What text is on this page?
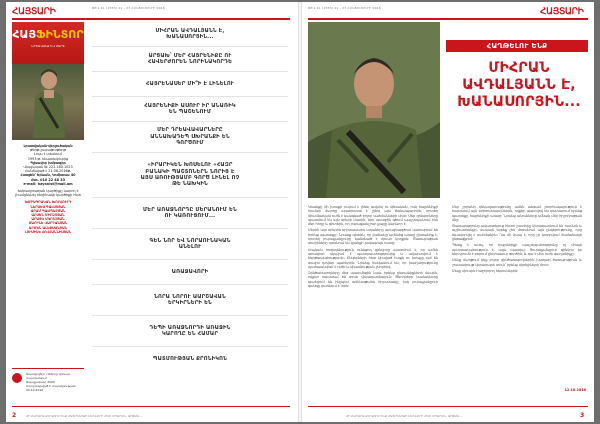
ՀԱՅՏԱՐԻ	ԹԻՎ 41 (1553) 21 - 27 ՀՈԿՏԵՄԲԵՐԻ 2016
ՀԱՅՖԻՆՏՈՐ
ԱՐՇԱՎԱՆՔ ԵՎ ՄԱՐՏ
Լրատվական-վերլուծական
թերթ-շաբաթաթերթ
Լույս է տեսնում
1993 թ. սեպտեմբերից
Գլխավոր խմբագիր
Վկայական № 222.180.1023
Հանձնված է 21.06.2016թ.
Հասցեն՝ Երևան, Կոմիտաս 40
Հեռ. 010 22 48 33
e-mail: hayanist@mail.am
Խմբագրության կարծիքը կարող է չհամընկնել հեղինակի կարծիքի հետ
ԽՄԲԱԳՐԱԿԱՆ ԽՈՐՀՈՒՐԴ
ՆԵՐՍԵՍ ԳԱԼՍՏՅԱՆ
ԱՐԱՄ ԳԱՍՊԱՐՅԱՆ
ԱՐՍԵՆ ՄԻՐԶՈՅԱՆ
ԱՐԱՅԿ ՄԿՐՏՉՅԱՆ
ՄԱՐԻՆԵ ՎԱՐԴԱՆՅԱՆ
ԱՐՄԵՆ ԱԼԵՔՍԱՆՅԱՆ
ԼՈՒՍԻՆԵ ՀՈՎՀԱՆՆԻՍՅԱՆ
Տպագրվել է «Ամրոց գրուպ» տպարանում
Տպաքանակ՝ 3000
Ստորագրված է տպագրության 20.10.2016
ՄԻՀՐԱՆ ԱՎԴԱԼՅԱՆՆ Է, ԽԱՆԱՍՈՐՅԻՆ...
ԱՐՑԱԽ՝ ՄԵՐ ՀԱՅՐԵՆԻՔԸ ՈՒ ՀԱՎԵՐԺՈՐԵՆ ՆՈՐԻՆԱԿՈՐԴԵ
ՀԱՅՐԵՆԱՍԵՐ ՄԻ՞Ի Է ԼԻՆԵԼՈՒ
ՀԱՅՐԵՆԻՔԻ ԱՍՈՒՐ ԻՐ ԱՆԱՌԻԿ ԵՆ ՊԱՇԵՆՈՒՄ
ՄԵՐ ԴՐԵԱՎԱՎԱՐՆԵՐԸ ԱՆՆԱԽԱԴԵՊ ՍԽՐԱՆՔԻ ԵՆ ԳՈՐԾՈՒՄ
«ԻՐԱՐԻԿԵՆ ԽՈՍԵԼՈՒ «ՀԱԶՐ ԲԱՆԱԿԻ ՊԱՇՏՈՆԵՐՆ ՆՈՐԻՑ Է ԱՅՍ ԱՌՈՒԹՅԱՄԲ ԳՈՐԾ ԼԻՆԵԼ ՈՉ ԹԵ ՆԱԽԿԻՆ
ՄԵՐ ԱՌԱՋՆՈՐԴԸ ՄԵՐԱՆՈՒՄ ԵՆ ՈՒ ԿԱՌՈՒՑՈՒՄ...
ԳԵՆ ՆՈՐ ԵՎ ՆՈՐԱՈՒՆԱԿԱՆ ԱՆԵԼՈՒ
ԱՌԱՋԱՎՈՐԻ
ՆՈՐԱ ՆՈՐՈՒ ԱԱՐՇԱՎԱՆ ԵՐԿԻՐՆԵՐԻ ԵՆ
ԴԵՊԻ ԱՌԱՋՆՈՐԴԻ ԱՌԱՋԻՆ ԿԱՐՈՂԸ ԵՆ ՀԱՄԱՐ
ՊԱՏՄՈՒԹՅԱՆ ՔՐՈՆԻԿՈՆ
2	ՀԻ ԲԱՐՁՐԱՎՈՐՎՈՒՄ ԵՆՔ ՀԱՅՐԵՆԻՔԻ ԼԵՌՆԵՐԻ ՀԵՏ՝ ԱՊԱՐԱՆ, ԱՐՑԱԽ ...
ԹԻՎ 41 (1553) 21 - 27 ՀՈԿՏԵՄԲԵՐԻ 2016	ՀԱՅՏԱՐԻ
ՀԱՂԹԵԼՈՒ ԵՆՔ
ՄԻՀՐԱՆ ԱՎԴԱԼՅԱՆՆ Է, ԽԱՆԱՍՈՐՅԻՆ...

Կեանքը մի խոսքի ուզում է լինել ազնիվ ու վճռական, իսկ հայրենիքի համար մարդը պատրաստ է լինել այն ճանապարհին, որտեղ միասնական ուժն է կանգնած բոլոր սահմանների մոտ։ Մեր զինվորները պատմում են այն օրերի մասին, երբ առաջին գծում պաշտպանում էին մեր հողը և գիտեին, որ յուրաքանչյուր քայլը կարևոր է։

Մերոն այս օրերին երիտասարդ տղաները առաջնագծում կատարում են իրենց պարտքը։ Նրանք գիտեն, որ բանակը ամենից առաջ ընտանիք է, որտեղ յուրաքանչյուրը կանգնած է մյուսի կողքին։ Ծառայության տարիները դառնում են կյանքի լավագույն դասը։

Սույնան հոգեղենություն ունեցող զինվորը պատմում է, որ ամեն առավոտ սկսվում է պատրաստությունից և ավարտվում է հերթապահությամբ։ Ընկերների հետ կիսված հացն ու խոսքը ուժ են տալիս դժվար պահերին։ Նրանք հավատում են, որ խաղաղությունը պահպանվում է ուժի և միասնության շնորհիվ։

Զինծառայողները մեզ պատմեցին նաև իրենց ընտանիքների մասին, ովքեր սպասում են տուն վերադառնալուն։ Ծնողների նամակները պահվում են ինչպես ամենաթանկ հիշատակը, իսկ յուրաքանչյուր զանգը դառնում է տոն։

Մեր շրջանի ղեկավարությունը ամեն անգամ շնորհակալություն է հայտնում այն երիտասարդներին, ովքեր պատվով են կատարում իրենց պարտքը հայրենիքի առաջ։ Նրանց անունները կմնան մեր հիշողության մեջ։

Ծառայությունը ավարտելուց հետո շատերը վերադառնում են ուսման և աշխատանքի, սակայն երբեք չեն մոռանում այն ընկերությունը, որը ձևավորվել է սահմանին։ Դա մի կապ է, որը չի կոտրվում ժամանակի ընթացքում։

Պետք է ասել, որ հայրենիքի պաշտպանությունը ոչ միայն պարտականություն է, այլև պատիվ։ Յուրաքանչյուր զինվոր իր ներդրումն է բերում ընդհանուր գործին, և դա է մեր ուժի գաղտնիքը։

Մենք մաղթում ենք բոլոր զինծառայողներին խաղաղ ծառայություն և շուտափույթ վերադարձ տուն՝ իրենց սիրելիների մոտ։

Մեկը մյուսին հաջորդող հերոսներին։

12.10.2016
ՀԻ ԲԱՐՁՐԱՎՈՐՎՈՒՄ ԵՆՔ ՀԱՅՐԵՆԻՔԻ ԼԵՌՆԵՐԻ ՀԵՏ՝ ԱՊԱՐԱՆ, ԱՐՑԱԽ ...	3
